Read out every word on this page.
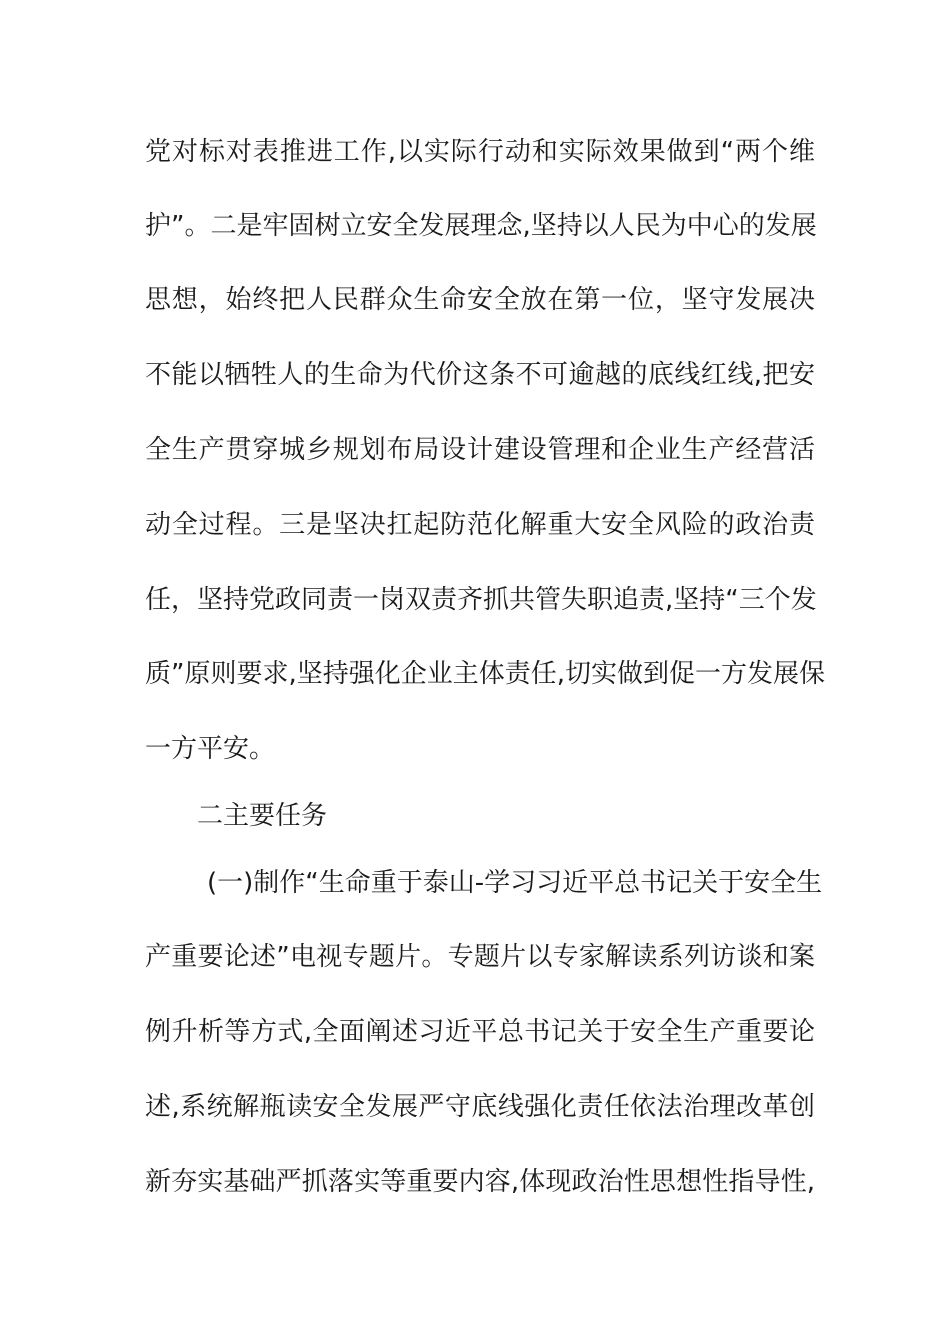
党对标对表推进工作,以实际行动和实际效果做到“两个维
护”。二是牢固树立安全发展理念,坚持以人民为中心的发展
思想，始终把人民群众生命安全放在第一位，坚守发展决
不能以牺牲人的生命为代价这条不可逾越的底线红线,把安
全生产贯穿城乡规划布局设计建设管理和企业生产经营活
动全过程。三是坚决扛起防范化解重大安全风险的政治责
任，坚持党政同责一岗双责齐抓共管失职追责,坚持“三个发
质”原则要求,坚持强化企业主体责任,切实做到促一方发展保
一方平安。
二主要任务
(一)制作“生命重于泰山-学习习近平总书记关于安全生
产重要论述”电视专题片。专题片以专家解读系列访谈和案
例升析等方式,全面阐述习近平总书记关于安全生产重要论
述,系统解瓶读安全发展严守底线强化责任依法治理改革创
新夯实基础严抓落实等重要内容,体现政治性思想性指导性,
